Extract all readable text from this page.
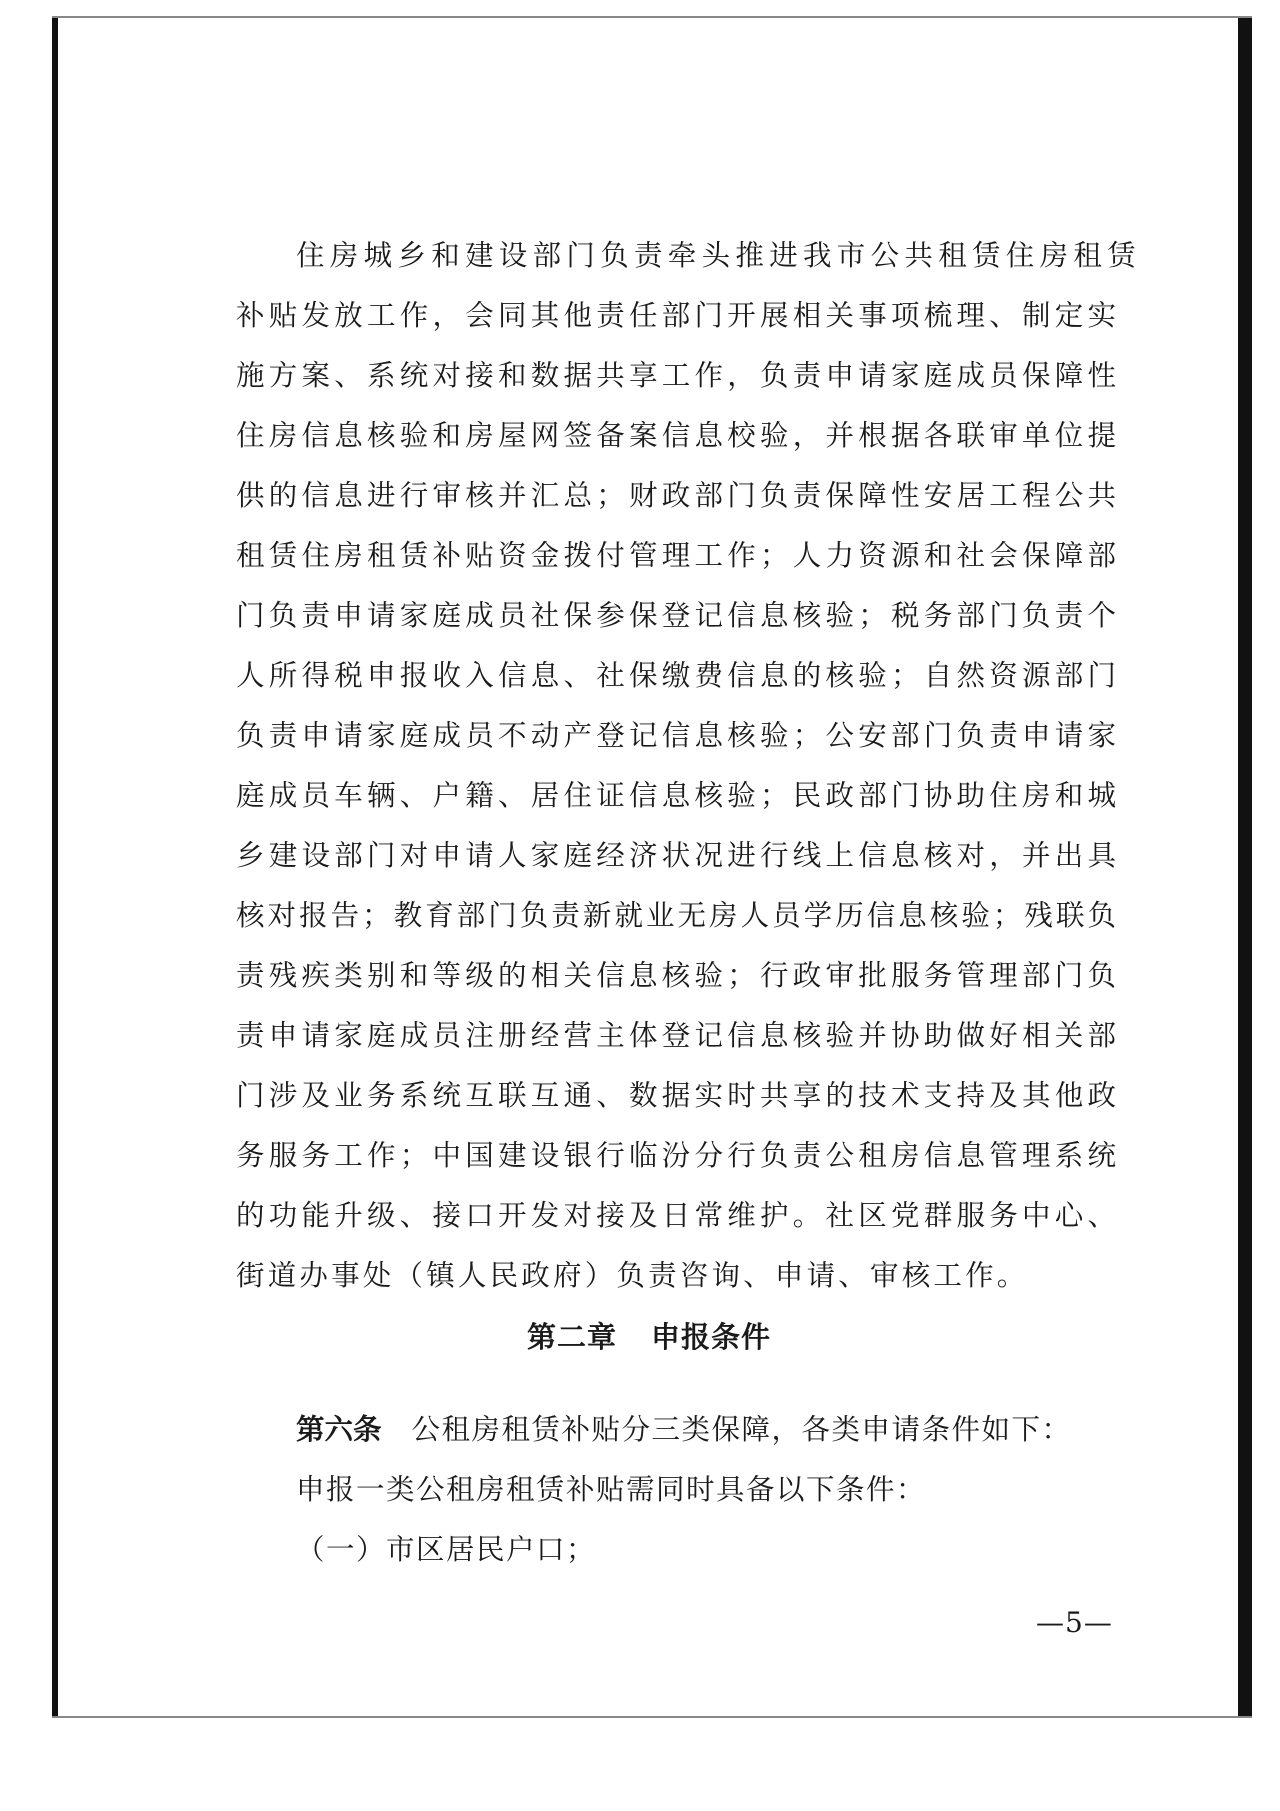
住房城乡和建设部门负责牵头推进我市公共租赁住房租赁
补贴发放工作，会同其他责任部门开展相关事项梳理、制定实
施方案、系统对接和数据共享工作，负责申请家庭成员保障性
住房信息核验和房屋网签备案信息校验，并根据各联审单位提
供的信息进行审核并汇总；财政部门负责保障性安居工程公共
租赁住房租赁补贴资金拨付管理工作；人力资源和社会保障部
门负责申请家庭成员社保参保登记信息核验；税务部门负责个
人所得税申报收入信息、社保缴费信息的核验；自然资源部门
负责申请家庭成员不动产登记信息核验；公安部门负责申请家
庭成员车辆、户籍、居住证信息核验；民政部门协助住房和城
乡建设部门对申请人家庭经济状况进行线上信息核对，并出具
核对报告；教育部门负责新就业无房人员学历信息核验；残联负
责残疾类别和等级的相关信息核验；行政审批服务管理部门负
责申请家庭成员注册经营主体登记信息核验并协助做好相关部
门涉及业务系统互联互通、数据实时共享的技术支持及其他政
务服务工作；中国建设银行临汾分行负责公租房信息管理系统
的功能升级、接口开发对接及日常维护。社区党群服务中心、
街道办事处（镇人民政府）负责咨询、申请、审核工作。
第二章 申报条件
第六条 公租房租赁补贴分三类保障，各类申请条件如下：
申报一类公租房租赁补贴需同时具备以下条件：
（一）市区居民户口；
—5—
